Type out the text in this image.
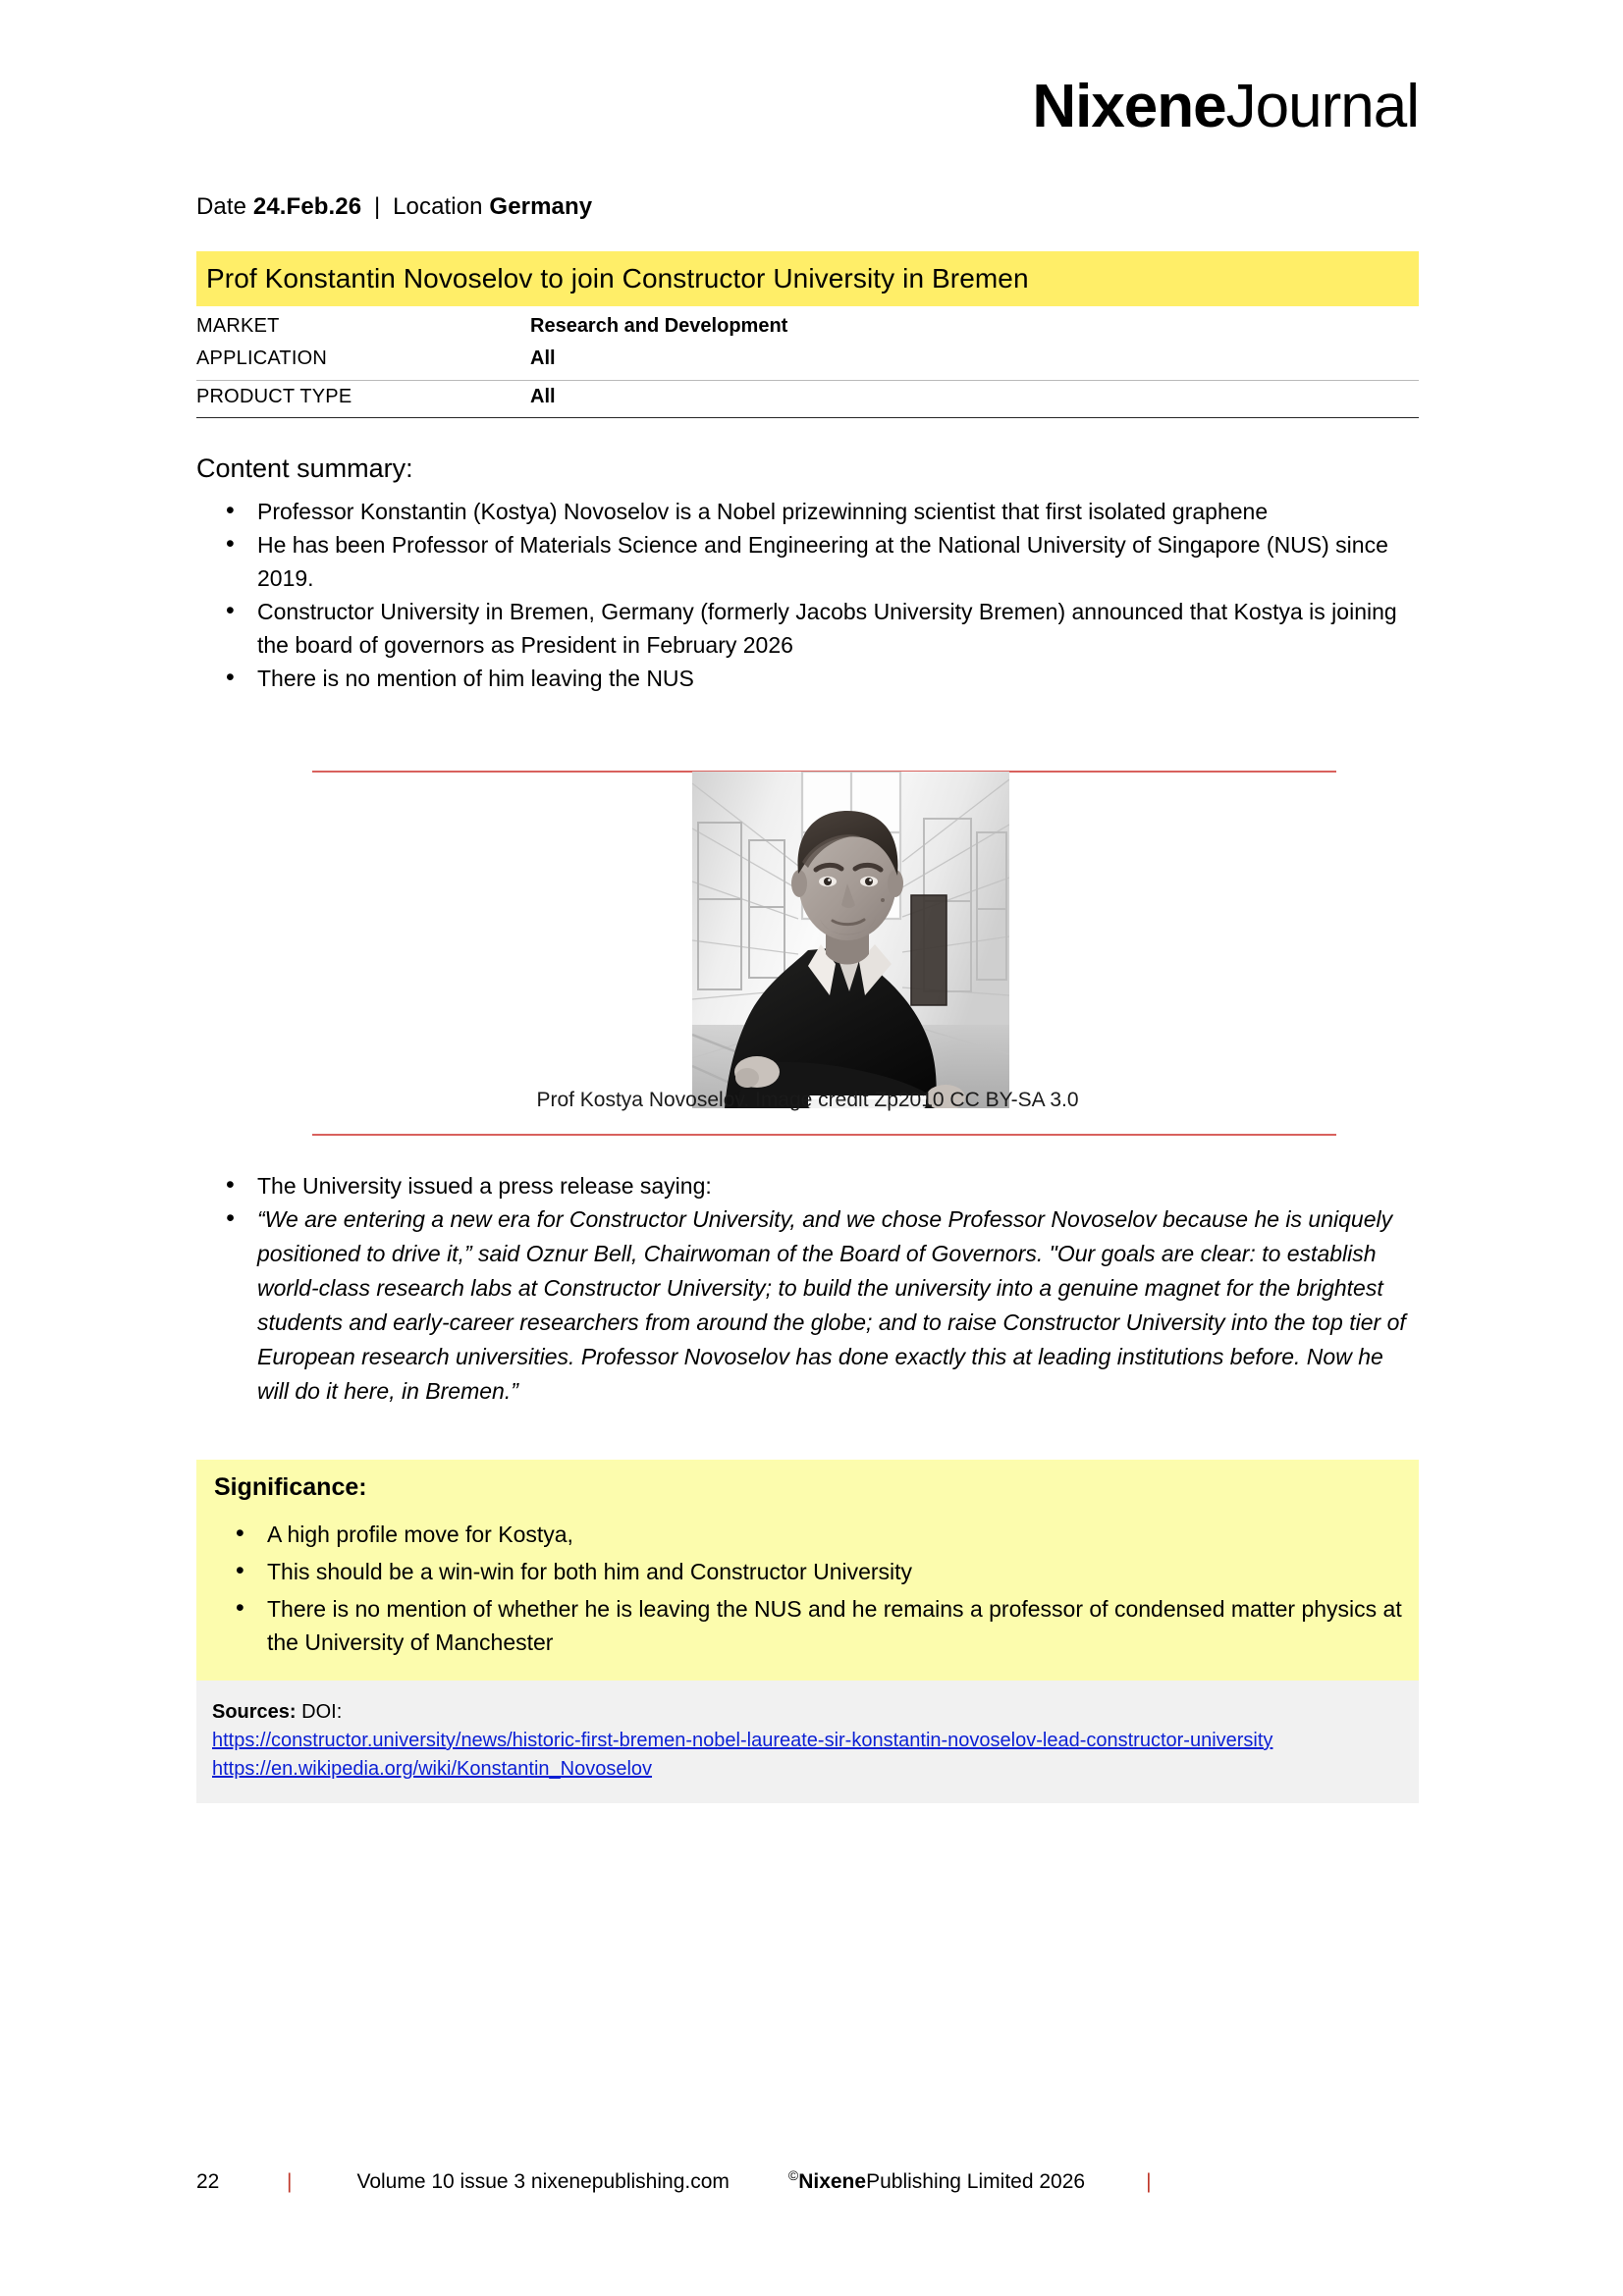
NixeneJournal
Date 24.Feb.26 | Location Germany
Prof Konstantin Novoselov to join Constructor University in Bremen
MARKET	Research and Development
APPLICATION	All

PRODUCT TYPE	All
Content summary:
• Professor Konstantin (Kostya) Novoselov is a Nobel prizewinning scientist that first isolated graphene
• He has been Professor of Materials Science and Engineering at the National University of Singapore (NUS) since 2019.
• Constructor University in Bremen, Germany (formerly Jacobs University Bremen) announced that Kostya is joining the board of governors as President in February 2026
• There is no mention of him leaving the NUS
Prof Kostya Novoselov. Image credit Zp2010 CC BY-SA 3.0
• The University issued a press release saying:
• “We are entering a new era for Constructor University, and we chose Professor Novoselov because he is uniquely positioned to drive it,” said Oznur Bell, Chairwoman of the Board of Governors. "Our goals are clear: to establish world-class research labs at Constructor University; to build the university into a genuine magnet for the brightest students and early-career researchers from around the globe; and to raise Constructor University into the top tier of European research universities. Professor Novoselov has done exactly this at leading institutions before. Now he will do it here, in Bremen.”
Significance:
• A high profile move for Kostya,
• This should be a win-win for both him and Constructor University
• There is no mention of whether he is leaving the NUS and he remains a professor of condensed matter physics at the University of Manchester
Sources: DOI:
https://constructor.university/news/historic-first-bremen-nobel-laureate-sir-konstantin-novoselov-lead-constructor-university
https://en.wikipedia.org/wiki/Konstantin_Novoselov
22	|	Volume 10 issue 3 nixenepublishing.com	©NixenePublishing Limited 2026	|
